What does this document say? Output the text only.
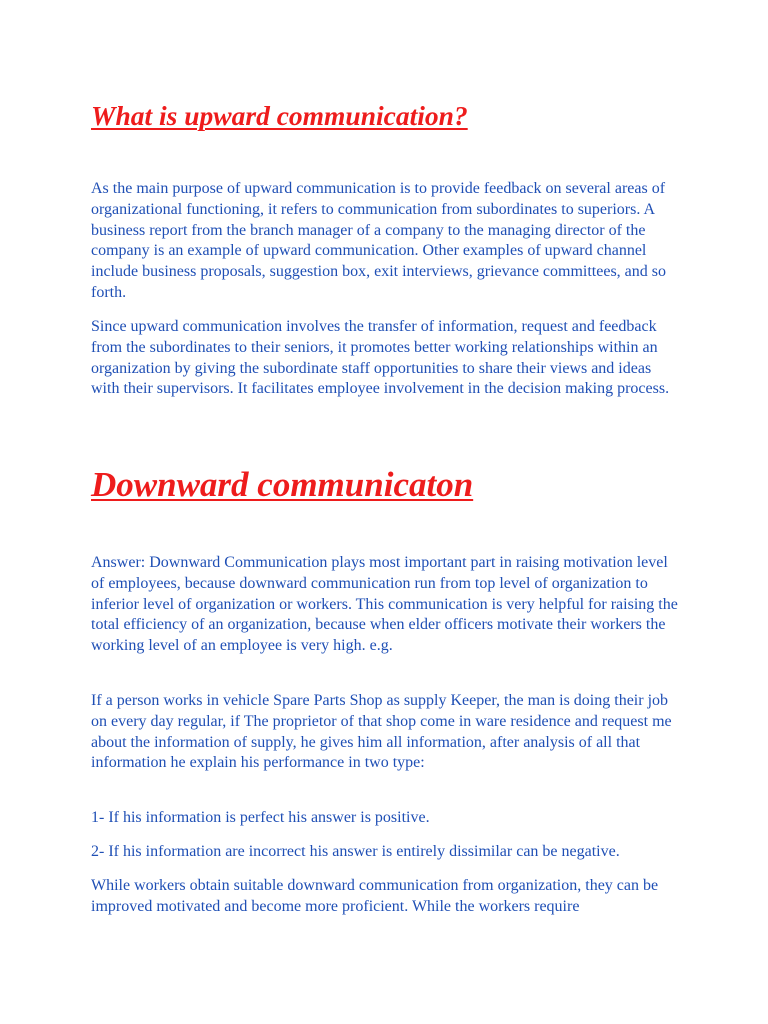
What is upward communication?

As the main purpose of upward communication is to provide feedback on several areas of organizational functioning, it refers to communication from subordinates to superiors. A business report from the branch manager of a company to the managing director of the company is an example of upward communication. Other examples of upward channel include business proposals, suggestion box, exit interviews, grievance committees, and so forth.

Since upward communication involves the transfer of information, request and feedback from the subordinates to their seniors, it promotes better working relationships within an organization by giving the subordinate staff opportunities to share their views and ideas with their supervisors. It facilitates employee involvement in the decision making process.

Downward communicaton

Answer: Downward Communication plays most important part in raising motivation level of employees, because downward communication run from top level of organization to inferior level of organization or workers. This communication is very helpful for raising the total efficiency of an organization, because when elder officers motivate their workers the working level of an employee is very high. e.g.

If a person works in vehicle Spare Parts Shop as supply Keeper, the man is doing their job on every day regular, if The proprietor of that shop come in ware residence and request me about the information of supply, he gives him all information, after analysis of all that information he explain his performance in two type:

1- If his information is perfect his answer is positive.

2- If his information are incorrect his answer is entirely dissimilar can be negative.

While workers obtain suitable downward communication from organization, they can be improved motivated and become more proficient. While the workers require
